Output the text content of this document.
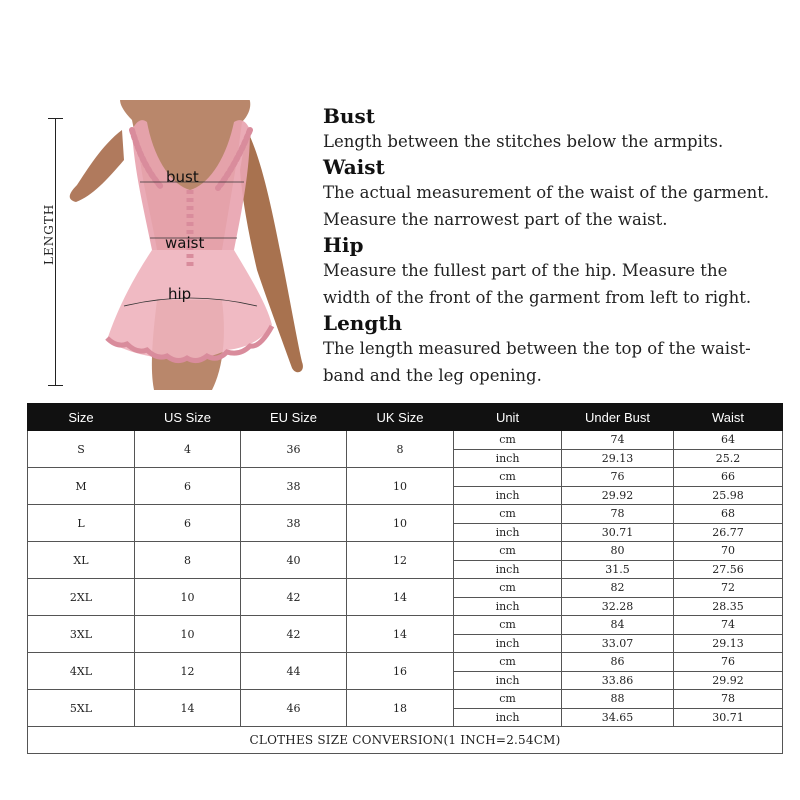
LENGTH
bust
waist
hip
Bust

Length between the stitches below the armpits.

Waist

The actual measurement of the waist of the garment.

Measure the narrowest part of the waist.

Hip

Measure the fullest part of the hip. Measure the

width of the front of the garment from left to right.

Length

The length measured between the top of the waist-

band and the leg opening.

Size	US Size	EU Size	UK Size	Unit	Under Bust	Waist
S	4	36	8	cm	74	64
				inch	29.13	25.2
M	6	38	10	cm	76	66
				inch	29.92	25.98
L	6	38	10	cm	78	68
				inch	30.71	26.77
XL	8	40	12	cm	80	70
				inch	31.5	27.56
2XL	10	42	14	cm	82	72
				inch	32.28	28.35
3XL	10	42	14	cm	84	74
				inch	33.07	29.13
4XL	12	44	16	cm	86	76
				inch	33.86	29.92
5XL	14	46	18	cm	88	78
				inch	34.65	30.71
CLOTHES SIZE CONVERSION(1 INCH=2.54CM)						
